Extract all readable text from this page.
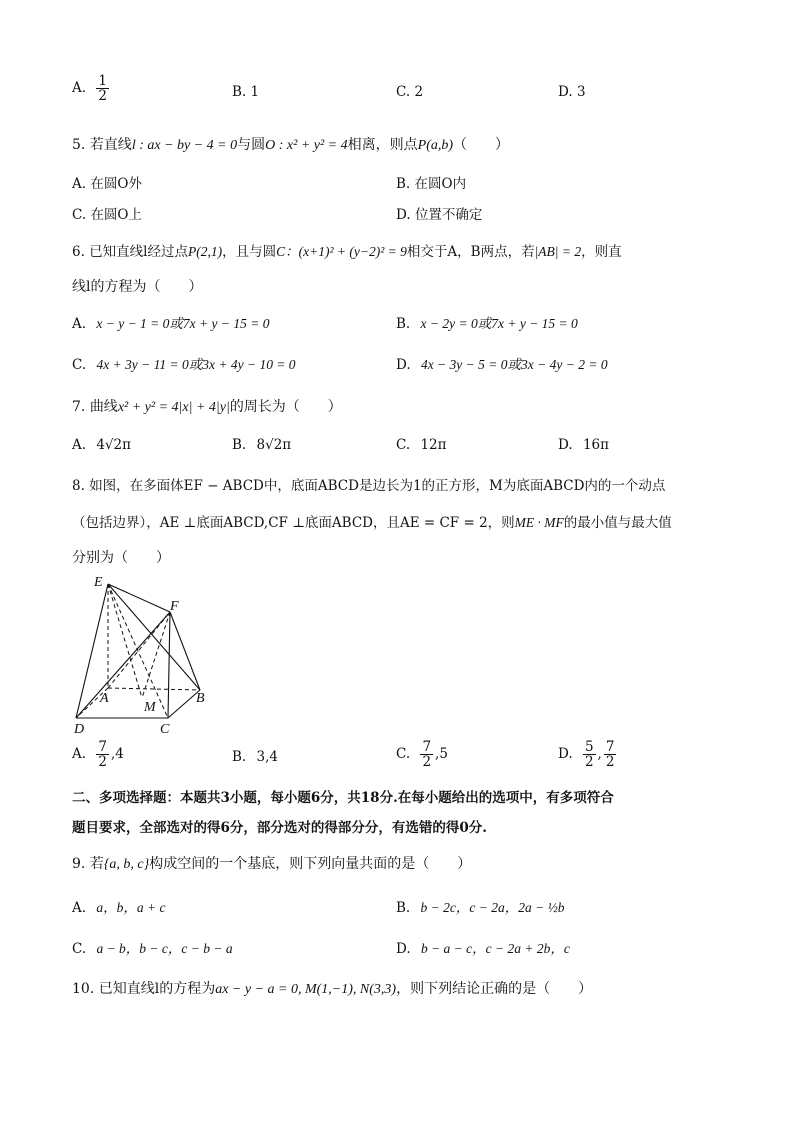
A. $\frac{1}{2}$	B. 1	C. 2	D. 3
5. 若直线l : ax − by − 4 = 0与圆O : x² + y² = 4相离，则点P(a,b)（　　）
A. 在圆O外	B. 在圆O内
C. 在圆O上	D. 位置不确定
6. 已知直线l经过点P(2,1)，且与圆C：(x+1)² + (y−2)² = 9相交于A，B两点，若|AB| = 2，则直
线l的方程为（　　）
A. x − y − 1 = 0或7x + y − 15 = 0	B. x − 2y = 0或7x + y − 15 = 0
C. 4x + 3y − 11 = 0或3x + 4y − 10 = 0	D. 4x − 3y − 5 = 0或3x − 4y − 2 = 0
7. 曲线x² + y² = 4|x| + 4|y|的周长为（　　）
A. 4√2π	B. 8√2π	C. 12π	D. 16π
8. 如图，在多面体EF − ABCD中，底面ABCD是边长为1的正方形，M为底面ABCD内的一个动点
（包括边界），AE ⊥底面ABCD,CF ⊥底面ABCD，且AE = CF = 2，则ME · MF的最小值与最大值
分别为（　　）
E
F
A
M
B
D	C
A. $\frac{7}{2} ,4$	B. 3,4	C. $\frac{7}{2} ,5$	D. $\frac{5}{2}$ , $\frac{7}{2}$
二、多项选择题：本题共3小题，每小题6分，共18分.在每小题给出的选项中，有多项符合
题目要求，全部选对的得6分，部分选对的得部分分，有选错的得0分.
9. 若{a, b, c}构成空间的一个基底，则下列向量共面的是（　　）
A. a，b，a + c	B. b − 2c，c − 2a，2a − ½b
C. a − b，b − c，c − b − a	D. b − a − c，c − 2a + 2b，c
10. 已知直线l的方程为ax − y − a = 0, M(1,−1), N(3,3)，则下列结论正确的是（　　）
